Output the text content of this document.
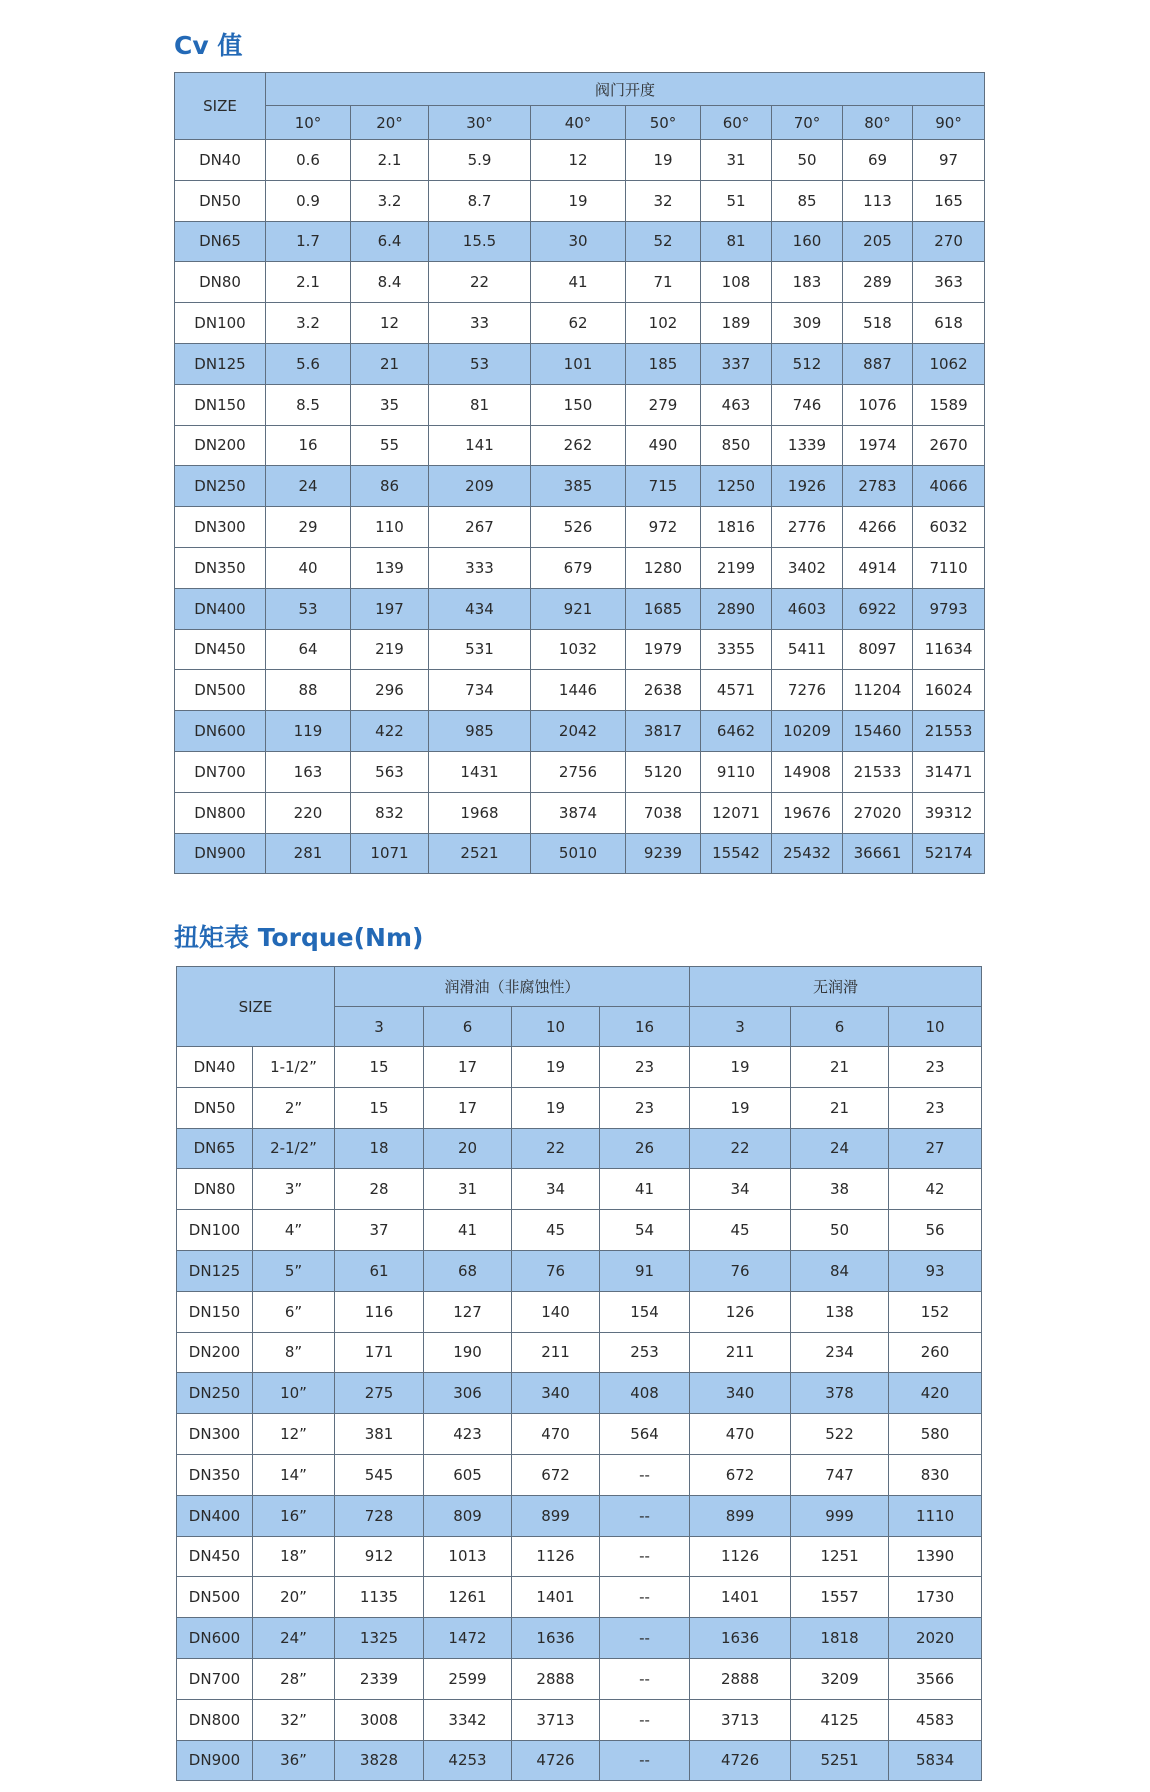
Cv 值
SIZE	阀门开度								
	10°	20°	30°	40°	50°	60°	70°	80°	90°
DN40	0.6	2.1	5.9	12	19	31	50	69	97
DN50	0.9	3.2	8.7	19	32	51	85	113	165
DN65	1.7	6.4	15.5	30	52	81	160	205	270
DN80	2.1	8.4	22	41	71	108	183	289	363
DN100	3.2	12	33	62	102	189	309	518	618
DN125	5.6	21	53	101	185	337	512	887	1062
DN150	8.5	35	81	150	279	463	746	1076	1589
DN200	16	55	141	262	490	850	1339	1974	2670
DN250	24	86	209	385	715	1250	1926	2783	4066
DN300	29	110	267	526	972	1816	2776	4266	6032
DN350	40	139	333	679	1280	2199	3402	4914	7110
DN400	53	197	434	921	1685	2890	4603	6922	9793
DN450	64	219	531	1032	1979	3355	5411	8097	11634
DN500	88	296	734	1446	2638	4571	7276	11204	16024
DN600	119	422	985	2042	3817	6462	10209	15460	21553
DN700	163	563	1431	2756	5120	9110	14908	21533	31471
DN800	220	832	1968	3874	7038	12071	19676	27020	39312
DN900	281	1071	2521	5010	9239	15542	25432	36661	52174
扭矩表 Torque(Nm)
SIZE		润滑油（非腐蚀性）				无润滑		
		3	6	10	16	3	6	10
DN40	1-1/2”	15	17	19	23	19	21	23
DN50	2”	15	17	19	23	19	21	23
DN65	2-1/2”	18	20	22	26	22	24	27
DN80	3”	28	31	34	41	34	38	42
DN100	4”	37	41	45	54	45	50	56
DN125	5”	61	68	76	91	76	84	93
DN150	6”	116	127	140	154	126	138	152
DN200	8”	171	190	211	253	211	234	260
DN250	10”	275	306	340	408	340	378	420
DN300	12”	381	423	470	564	470	522	580
DN350	14”	545	605	672	--	672	747	830
DN400	16”	728	809	899	--	899	999	1110
DN450	18”	912	1013	1126	--	1126	1251	1390
DN500	20”	1135	1261	1401	--	1401	1557	1730
DN600	24”	1325	1472	1636	--	1636	1818	2020
DN700	28”	2339	2599	2888	--	2888	3209	3566
DN800	32”	3008	3342	3713	--	3713	4125	4583
DN900	36”	3828	4253	4726	--	4726	5251	5834
